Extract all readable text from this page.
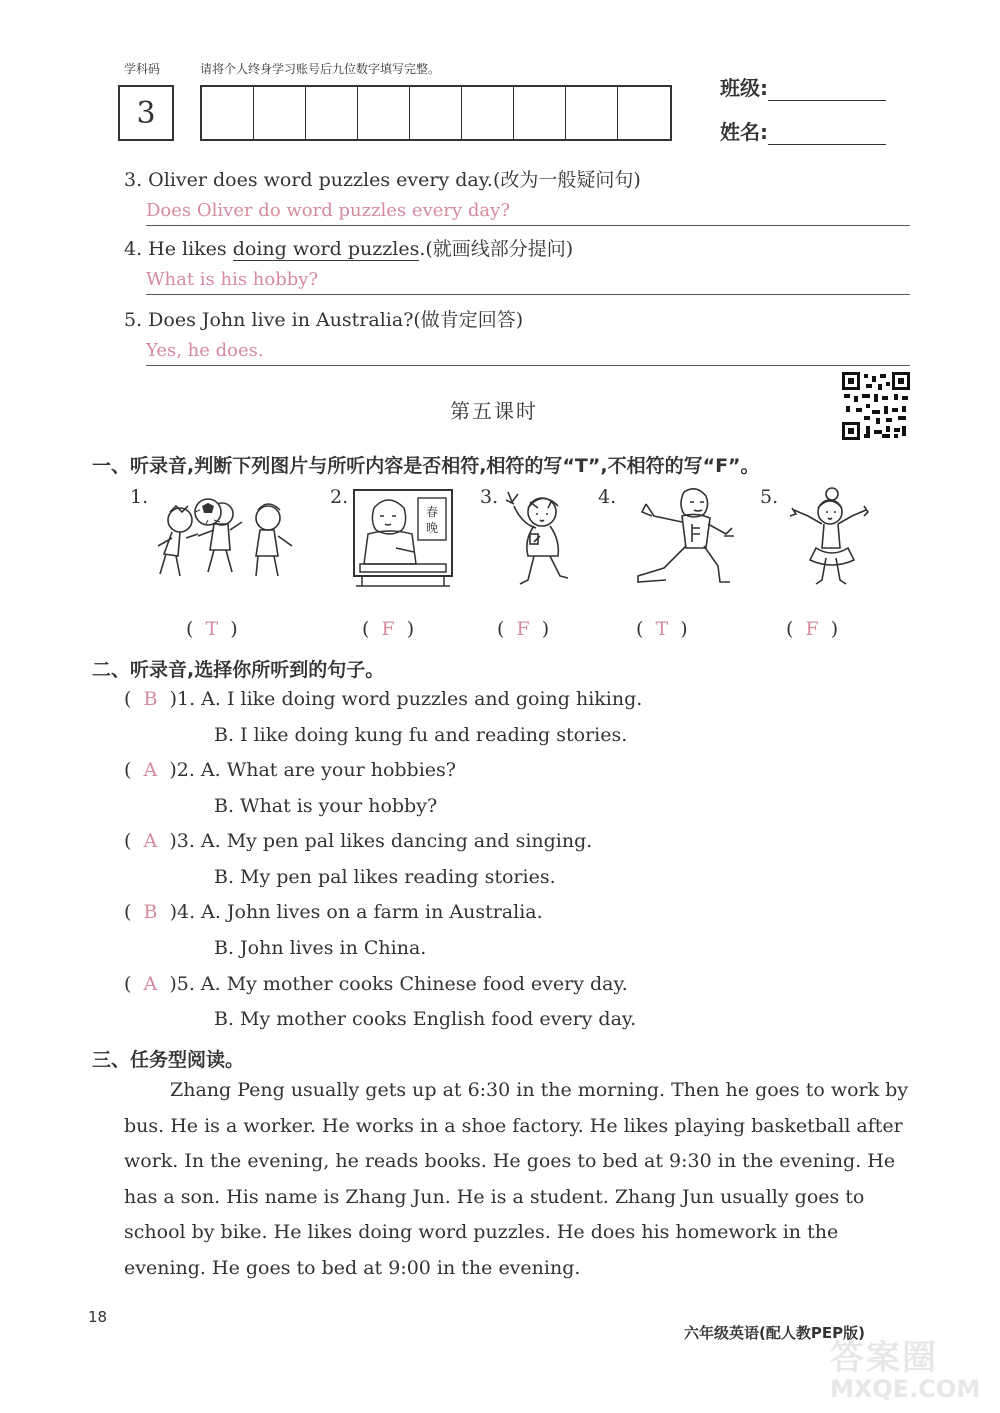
学科码	请将个人终身学习账号后九位数字填写完整。
3
班级:
姓名:
3. Oliver does word puzzles every day.(改为一般疑问句)
Does Oliver do word puzzles every day?
4. He likes doing word puzzles.(就画线部分提问)
What is his hobby?
5. Does John live in Australia?(做肯定回答)
Yes, he does.
第五课时
一、听录音,判断下列图片与所听内容是否相符,相符的写“T”,不相符的写“F”。
1.	2.	3.	4.	5.
春
晚
(  T  )	(  F  )	(  F  )	(  T  )	(  F  )
二、听录音,选择你所听到的句子。
(  B )1. A. I like doing word puzzles and going hiking.
B. I like doing kung fu and reading stories.
(  A )2. A. What are your hobbies?
B. What is your hobby?
(  A )3. A. My pen pal likes dancing and singing.
B. My pen pal likes reading stories.
(  B )4. A. John lives on a farm in Australia.
B. John lives in China.
(  A )5. A. My mother cooks Chinese food every day.
B. My mother cooks English food every day.
三、任务型阅读。
Zhang Peng usually gets up at 6:30 in the morning. Then he goes to work by
bus. He is a worker. He works in a shoe factory. He likes playing basketball after
work. In the evening, he reads books. He goes to bed at 9:30 in the evening. He
has a son. His name is Zhang Jun. He is a student. Zhang Jun usually goes to
school by bike. He likes doing word puzzles. He does his homework in the
evening. He goes to bed at 9:00 in the evening.
18
六年级英语(配人教PEP版)
答案圈
MXQE.COM
